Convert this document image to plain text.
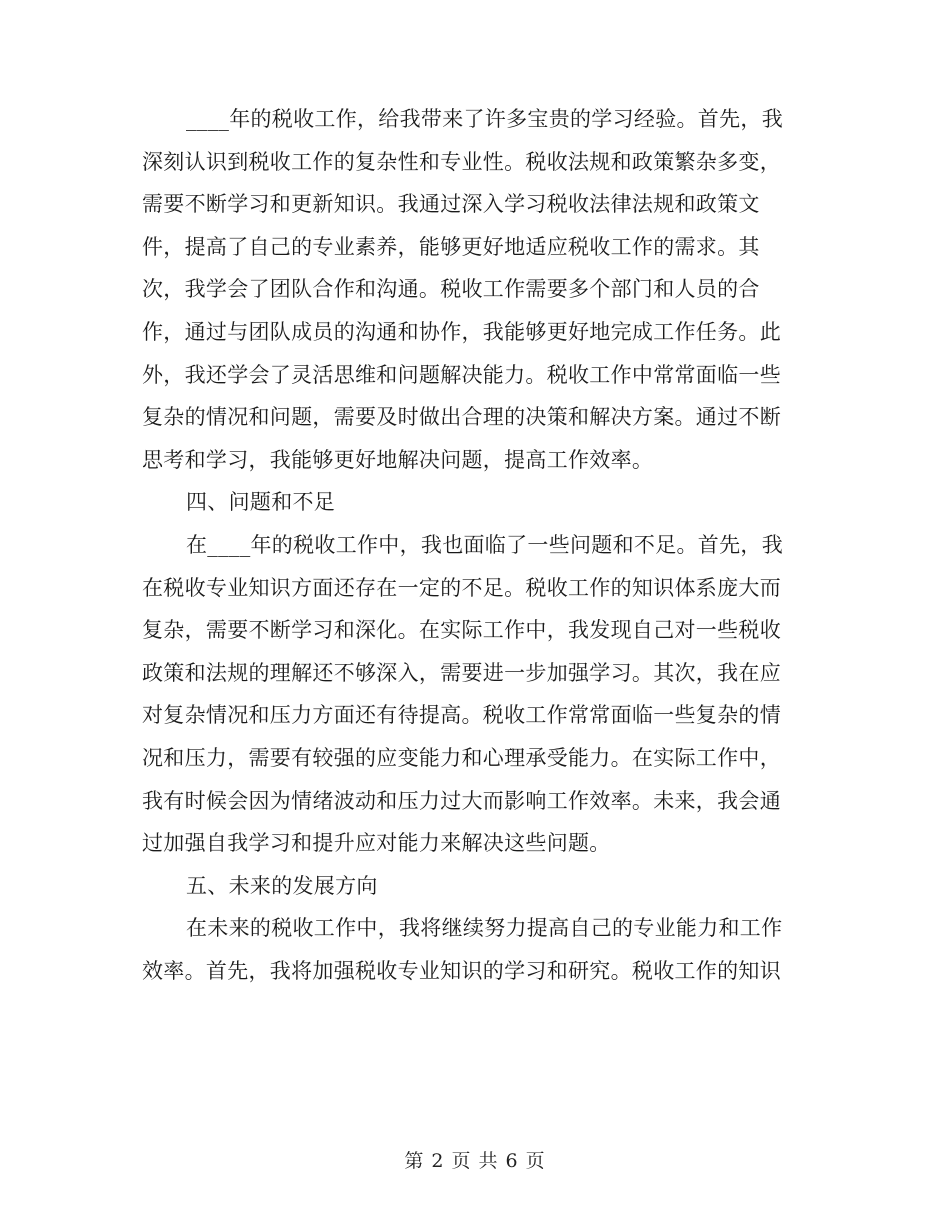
____年的税收工作，给我带来了许多宝贵的学习经验。首先，我
深刻认识到税收工作的复杂性和专业性。税收法规和政策繁杂多变，
需要不断学习和更新知识。我通过深入学习税收法律法规和政策文
件，提高了自己的专业素养，能够更好地适应税收工作的需求。其
次，我学会了团队合作和沟通。税收工作需要多个部门和人员的合
作，通过与团队成员的沟通和协作，我能够更好地完成工作任务。此
外，我还学会了灵活思维和问题解决能力。税收工作中常常面临一些
复杂的情况和问题，需要及时做出合理的决策和解决方案。通过不断
思考和学习，我能够更好地解决问题，提高工作效率。
四、问题和不足
在____年的税收工作中，我也面临了一些问题和不足。首先，我
在税收专业知识方面还存在一定的不足。税收工作的知识体系庞大而
复杂，需要不断学习和深化。在实际工作中，我发现自己对一些税收
政策和法规的理解还不够深入，需要进一步加强学习。其次，我在应
对复杂情况和压力方面还有待提高。税收工作常常面临一些复杂的情
况和压力，需要有较强的应变能力和心理承受能力。在实际工作中，
我有时候会因为情绪波动和压力过大而影响工作效率。未来，我会通
过加强自我学习和提升应对能力来解决这些问题。
五、未来的发展方向
在未来的税收工作中，我将继续努力提高自己的专业能力和工作
效率。首先，我将加强税收专业知识的学习和研究。税收工作的知识
第 2 页 共 6 页
